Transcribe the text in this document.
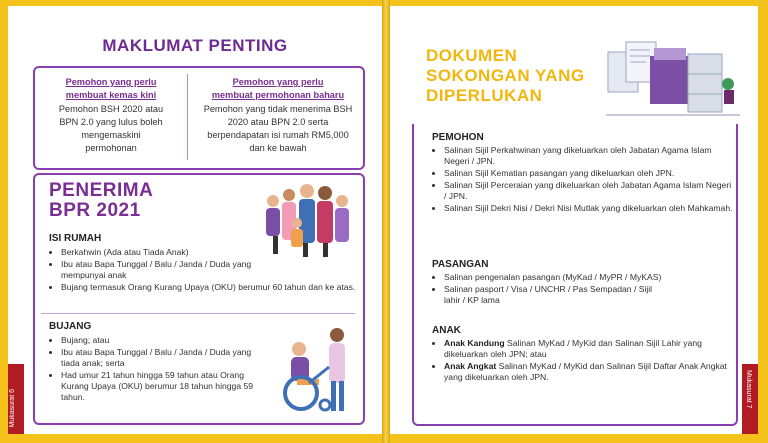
MAKLUMAT PENTING
Pemohon yang perlu
membuat kemas kini
Pemohon BSH 2020 atau
BPN 2.0 yang lulus boleh
mengemaskini
permohonan
Pemohon yang perlu
membuat permohonan baharu
Pemohon yang tidak menerima BSH
2020 atau BPN 2.0 serta
berpendapatan isi rumah RM5,000
dan ke bawah
PENERIMA
BPR 2021
ISI RUMAH
• Berkahwin (Ada atau Tiada Anak)
• Ibu atau Bapa Tunggal / Balu / Janda / Duda yang mempunyai anak
• Bujang termasuk Orang Kurang Upaya (OKU) berumur 60 tahun dan ke atas.
BUJANG
• Bujang; atau
• Ibu atau Bapa Tunggal / Balu / Janda / Duda yang tiada anak; serta
• Had umur 21 tahun hingga 59 tahun atau Orang Kurang Upaya (OKU) berumur 18 tahun hingga 59 tahun.
Mukasurat 6
DOKUMEN
SOKONGAN YANG
DIPERLUKAN
PEMOHON
• Salinan Sijil Perkahwinan yang dikeluarkan oleh Jabatan Agama Islam Negeri / JPN.
• Salinan Sijil Kematian pasangan yang dikeluarkan oleh JPN.
• Salinan Sijil Perceraian yang dikeluarkan oleh Jabatan Agama Islam Negeri / JPN.
• Salinan Sijil Dekri Nisi / Dekri Nisi Mutlak yang dikeluarkan oleh Mahkamah.
PASANGAN
• Salinan pengenalan pasangan (MyKad / MyPR / MyKAS)
• Salinan pasport / Visa / UNCHR / Pas Sempadan / Sijil lahir / KP lama
ANAK
• Anak Kandung Salinan MyKad / MyKid dan Salinan Sijil Lahir yang dikeluarkan oleh JPN; atau
• Anak Angkat Salinan MyKad / MyKid dan Salinan Sijil Daftar Anak Angkat yang dikeluarkan oleh JPN.	Mukasurat 7
